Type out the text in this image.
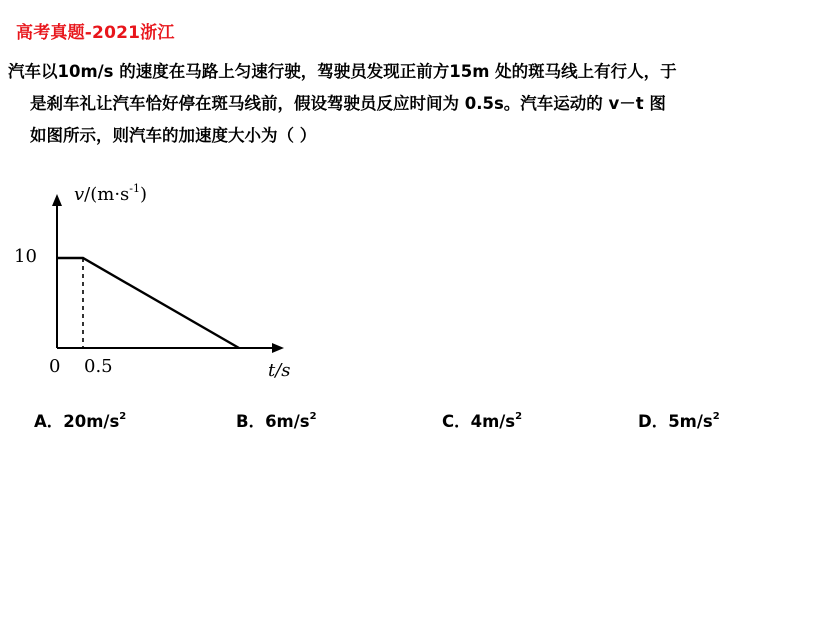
高考真题-2021浙江
汽车以10m/s 的速度在马路上匀速行驶，驾驶员发现正前方15m 处的斑马线上有行人，于
是刹车礼让汽车恰好停在斑马线前，假设驾驶员反应时间为 0.5s。汽车运动的 v－t 图
如图所示，则汽车的加速度大小为（ ）
$v/(m\cdot s^{-1})$
10
0 0.5	t/s
A．$20m/s^2$	B．$6m/s^2$	C．$4m/s^2$	D．$5m/s^2$
